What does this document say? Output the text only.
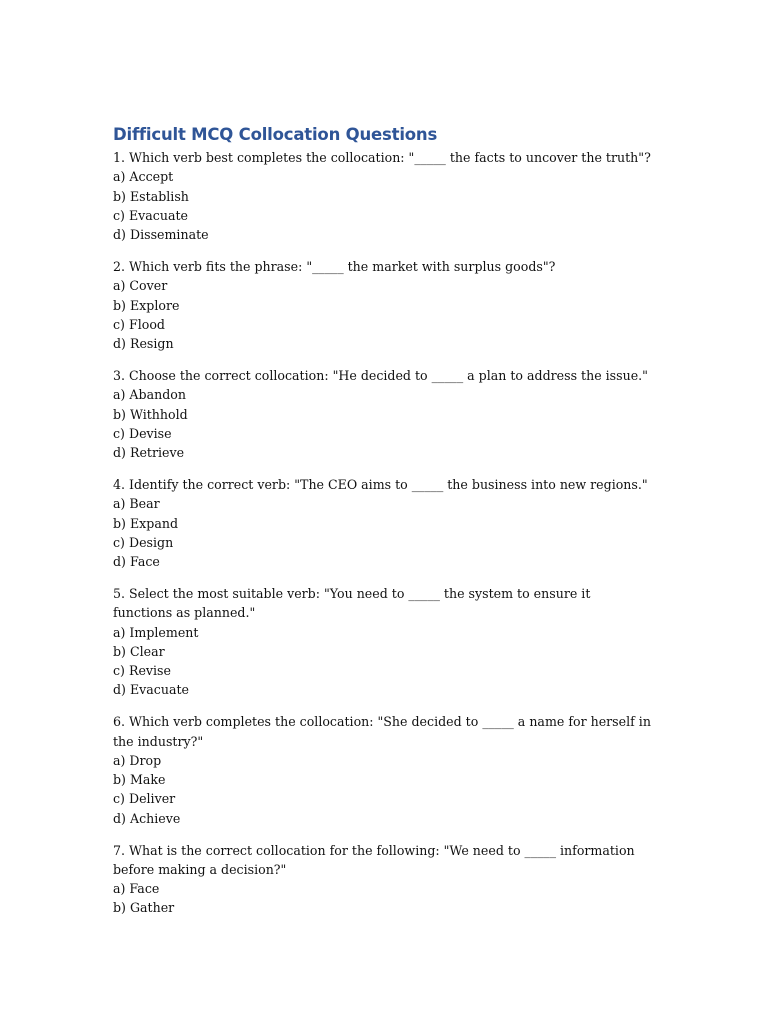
Difficult MCQ Collocation Questions

1. Which verb best completes the collocation: "_____ the facts to uncover the truth"?

a) Accept

b) Establish

c) Evacuate

d) Disseminate

2. Which verb fits the phrase: "_____ the market with surplus goods"?

a) Cover

b) Explore

c) Flood

d) Resign

3. Choose the correct collocation: "He decided to _____ a plan to address the issue."

a) Abandon

b) Withhold

c) Devise

d) Retrieve

4. Identify the correct verb: "The CEO aims to _____ the business into new regions."

a) Bear

b) Expand

c) Design

d) Face

5. Select the most suitable verb: "You need to _____ the system to ensure it functions as planned."

a) Implement

b) Clear

c) Revise

d) Evacuate

6. Which verb completes the collocation: "She decided to _____ a name for herself in the industry?"

a) Drop

b) Make

c) Deliver

d) Achieve

7. What is the correct collocation for the following: "We need to _____ information before making a decision?"

a) Face

b) Gather
